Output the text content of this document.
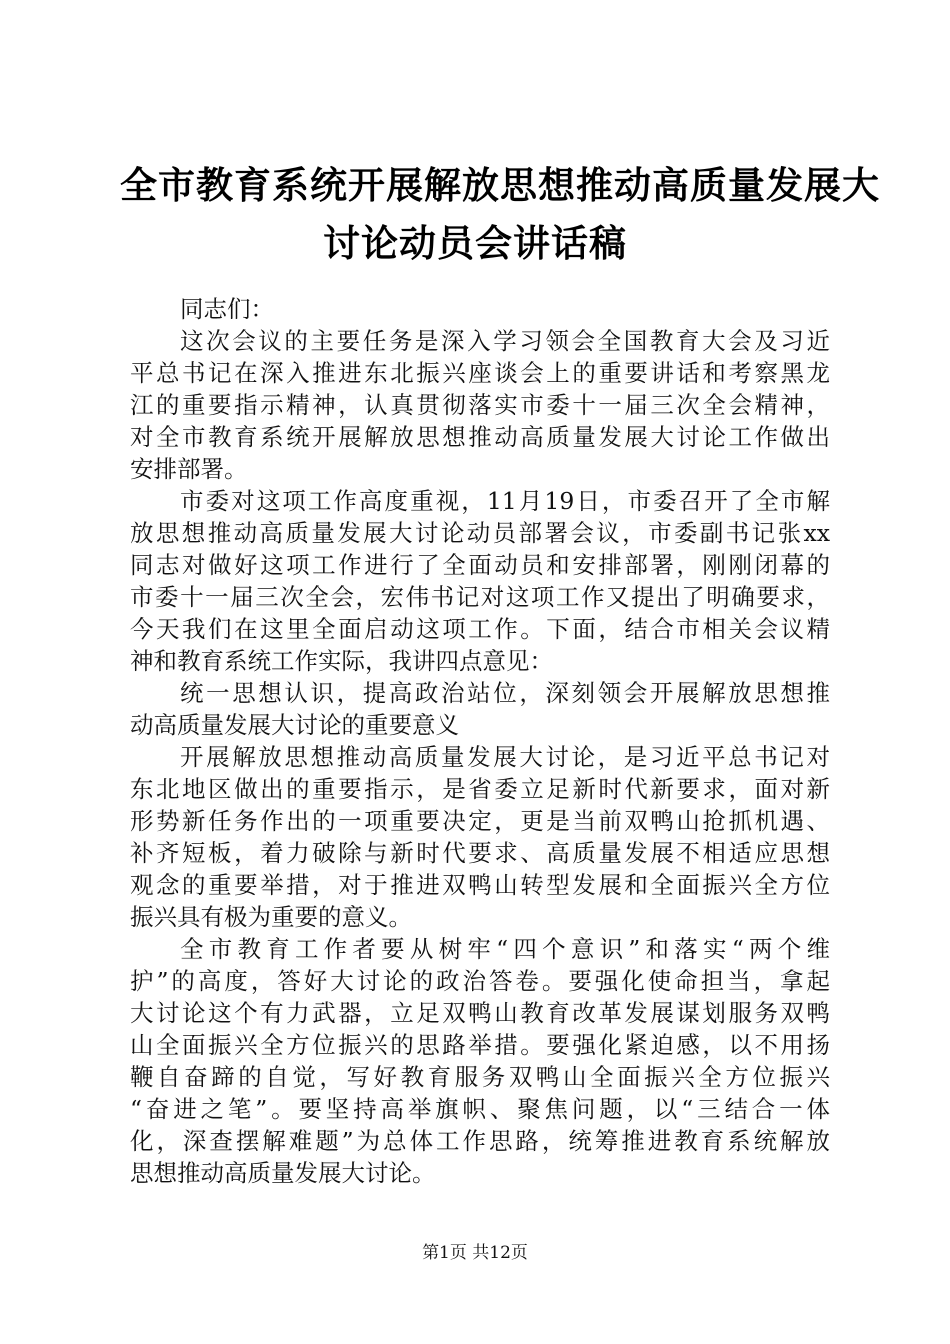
全市教育系统开展解放思想推动高质量发展大
讨论动员会讲话稿
同志们：
这次会议的主要任务是深入学习领会全国教育大会及习近
平总书记在深入推进东北振兴座谈会上的重要讲话和考察黑龙
江的重要指示精神，认真贯彻落实市委十一届三次全会精神，
对全市教育系统开展解放思想推动高质量发展大讨论工作做出
安排部署。
市委对这项工作高度重视，11月19日，市委召开了全市解
放思想推动高质量发展大讨论动员部署会议，市委副书记张xx
同志对做好这项工作进行了全面动员和安排部署，刚刚闭幕的
市委十一届三次全会，宏伟书记对这项工作又提出了明确要求，
今天我们在这里全面启动这项工作。下面，结合市相关会议精
神和教育系统工作实际，我讲四点意见：
统一思想认识，提高政治站位，深刻领会开展解放思想推
动高质量发展大讨论的重要意义
开展解放思想推动高质量发展大讨论，是习近平总书记对
东北地区做出的重要指示，是省委立足新时代新要求，面对新
形势新任务作出的一项重要决定，更是当前双鸭山抢抓机遇、
补齐短板，着力破除与新时代要求、高质量发展不相适应思想
观念的重要举措，对于推进双鸭山转型发展和全面振兴全方位
振兴具有极为重要的意义。
全市教育工作者要从树牢“四个意识”和落实“两个维
护”的高度，答好大讨论的政治答卷。要强化使命担当，拿起
大讨论这个有力武器，立足双鸭山教育改革发展谋划服务双鸭
山全面振兴全方位振兴的思路举措。要强化紧迫感，以不用扬
鞭自奋蹄的自觉，写好教育服务双鸭山全面振兴全方位振兴
“奋进之笔”。要坚持高举旗帜、聚焦问题，以“三结合一体
化，深查摆解难题”为总体工作思路，统筹推进教育系统解放
思想推动高质量发展大讨论。
第1页 共12页
